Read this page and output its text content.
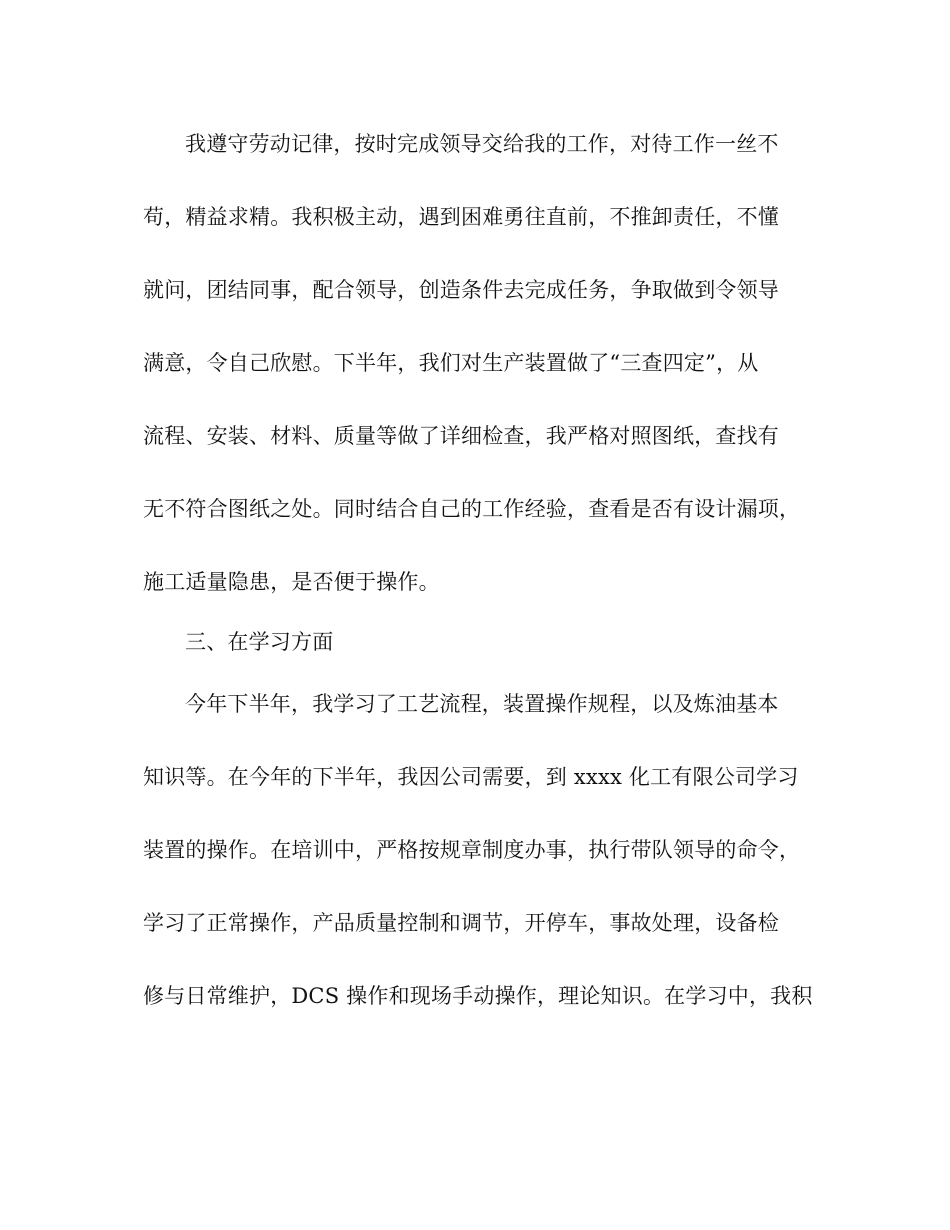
我遵守劳动记律，按时完成领导交给我的工作，对待工作一丝不
苟，精益求精。我积极主动，遇到困难勇往直前，不推卸责任，不懂
就问，团结同事，配合领导，创造条件去完成任务，争取做到令领导
满意，令自己欣慰。下半年，我们对生产装置做了“三查四定”，从
流程、安装、材料、质量等做了详细检查，我严格对照图纸，查找有
无不符合图纸之处。同时结合自己的工作经验，查看是否有设计漏项，
施工适量隐患，是否便于操作。
三、在学习方面
今年下半年，我学习了工艺流程，装置操作规程，以及炼油基本
知识等。在今年的下半年，我因公司需要，到 xxxx 化工有限公司学习
装置的操作。在培训中，严格按规章制度办事，执行带队领导的命令，
学习了正常操作，产品质量控制和调节，开停车，事故处理，设备检
修与日常维护，DCS 操作和现场手动操作，理论知识。在学习中，我积
